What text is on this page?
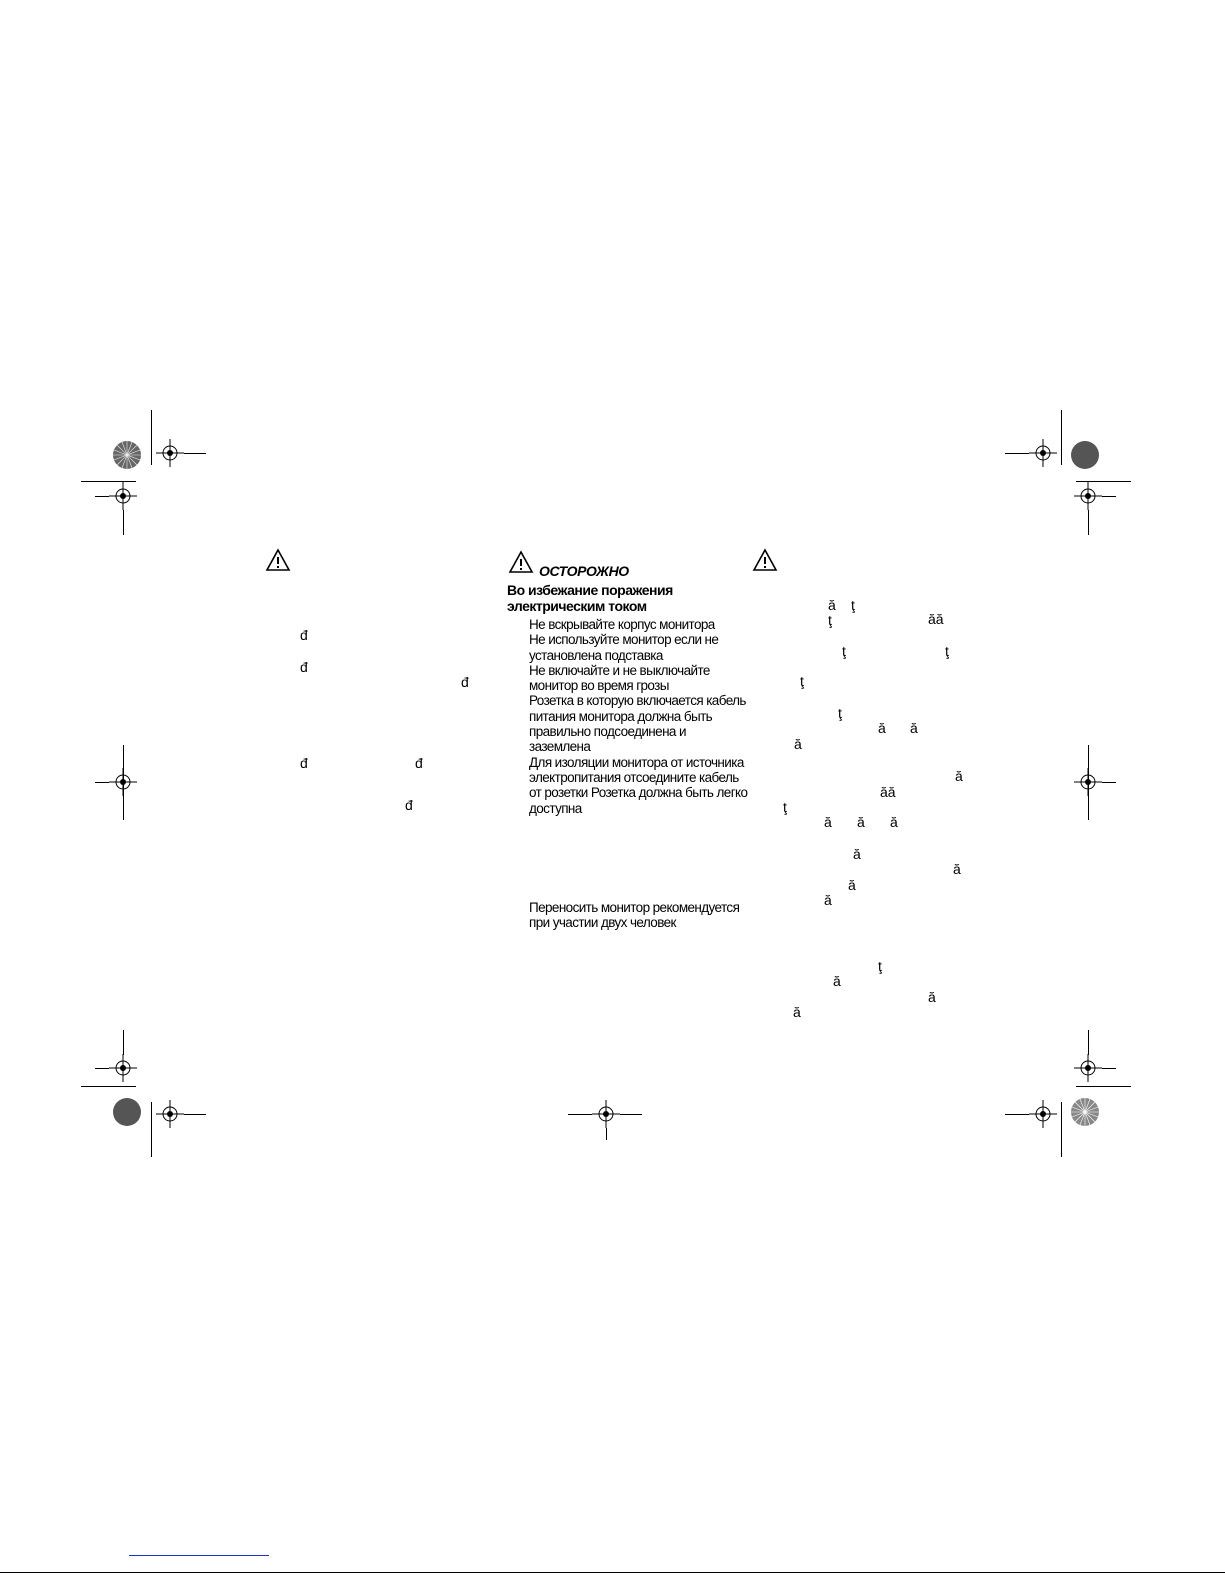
ОСТОРОЖНО
Во избежание поражения электрическим током

Не вскрывайте корпус монитора

Не используйте монитор если не установлена подставка

Не включайте и не выключайте монитор во время грозы

Розетка в которую включается кабель питания монитора должна быть правильно подсоединена и заземлена

Для изоляции монитора от источника электропитания отсоедините кабель от розетки Розетка должна быть легко доступна

Переносить монитор рекомендуется при участии двух человек
đ
đ
đ
đ	đ
đ
ă ţ
ţ	ăă
ţ	ţ
ţ
ţ
ă ă
ă
ă
ăă
ţ
ă ă ă
ă
ă
ă
ă
ţ
ă
ă
ă
